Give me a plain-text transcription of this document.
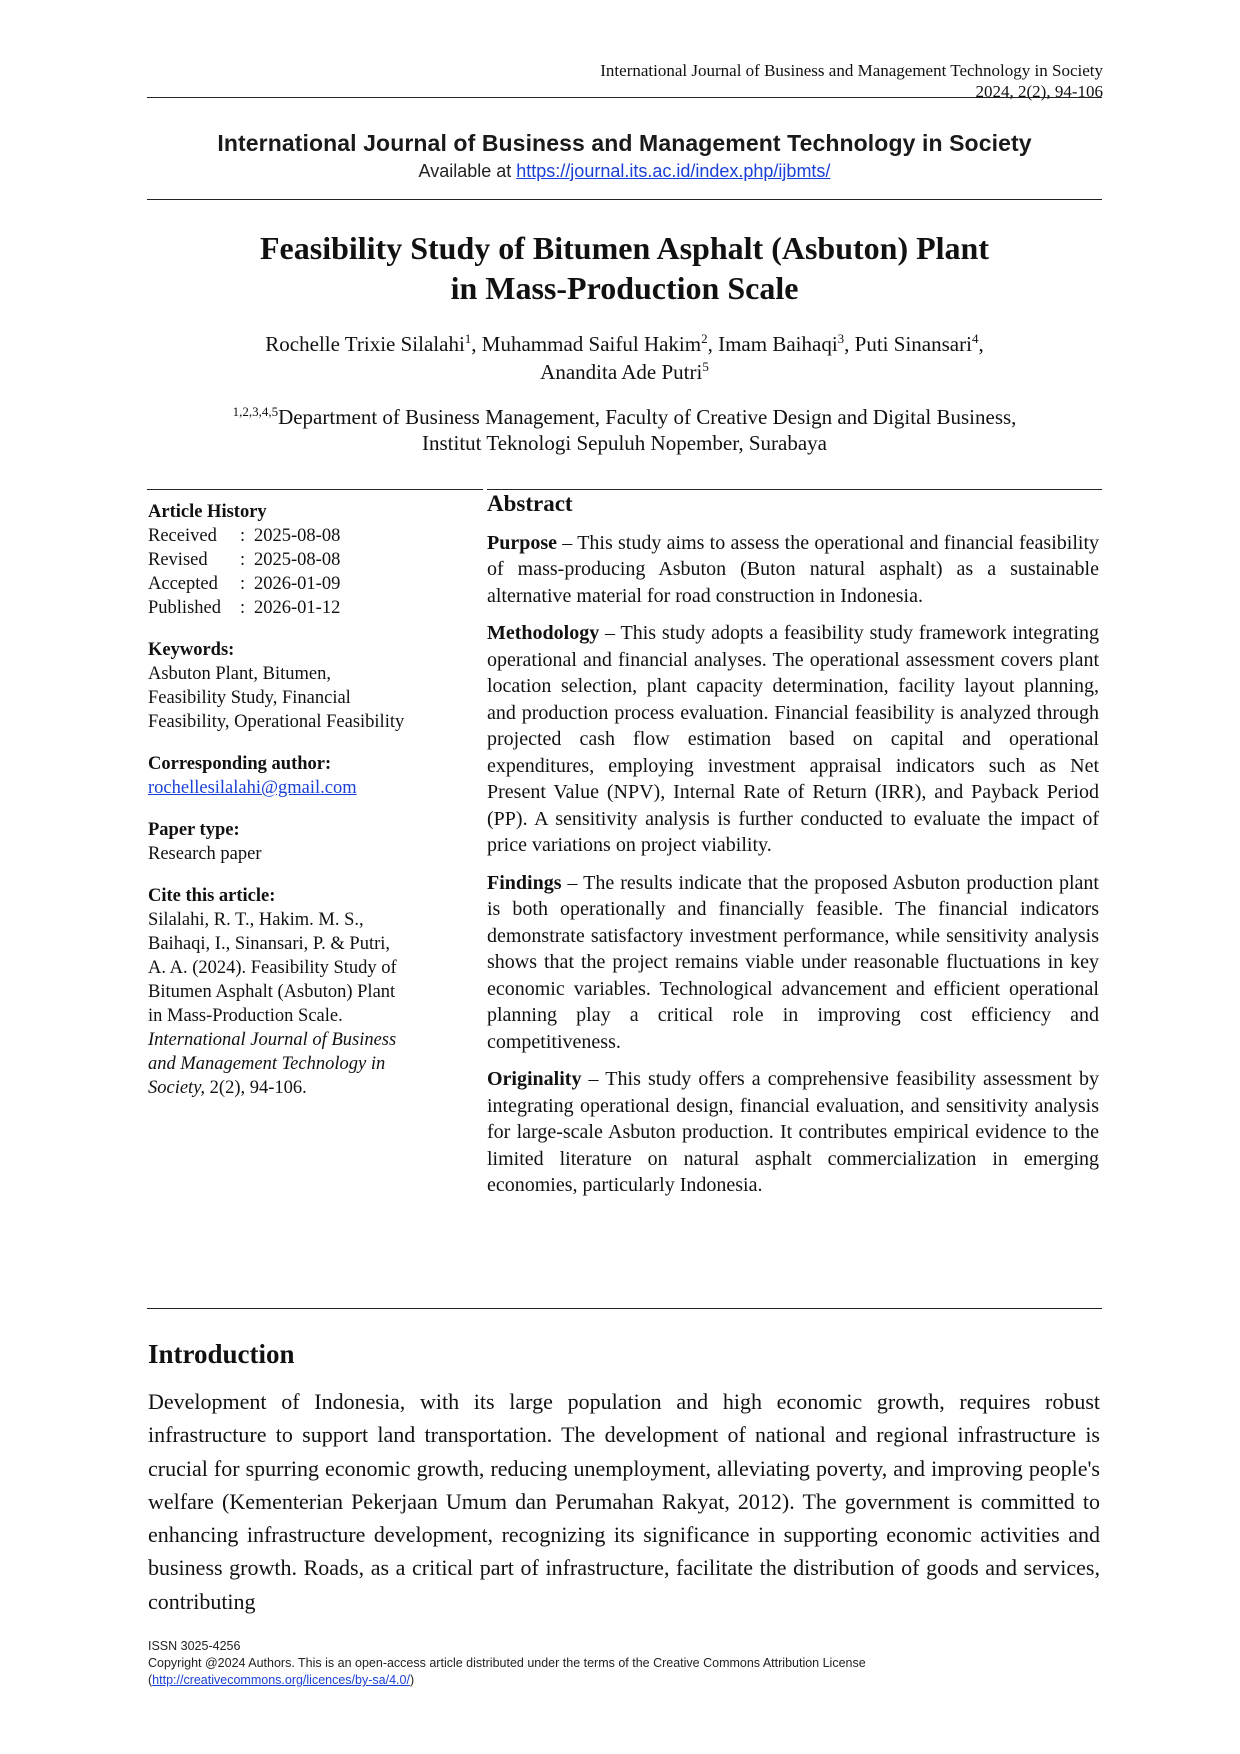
International Journal of Business and Management Technology in Society
2024, 2(2), 94-106
International Journal of Business and Management Technology in Society
Available at https://journal.its.ac.id/index.php/ijbmts/
Feasibility Study of Bitumen Asphalt (Asbuton) Plant
in Mass-Production Scale
Rochelle Trixie Silalahi$^1$, Muhammad Saiful Hakim$^2$, Imam Baihaqi$^3$, Puti Sinansari$^4$,
Anandita Ade Putri$^5$
$^{1,2,3,4,5}$Department of Business Management, Faculty of Creative Design and Digital Business,
Institut Teknologi Sepuluh Nopember, Surabaya
Article History
Received	: 2025-08-08
Revised	: 2025-08-08
Accepted	: 2026-01-09
Published	: 2026-01-12
Keywords:
Asbuton Plant, Bitumen,
Feasibility Study, Financial
Feasibility, Operational Feasibility
Corresponding author:
rochellesilalahi@gmail.com
Paper type:
Research paper
Cite this article:
Silalahi, R. T., Hakim. M. S.,
Baihaqi, I., Sinansari, P. & Putri,
A. A. (2024). Feasibility Study of
Bitumen Asphalt (Asbuton) Plant
in Mass-Production Scale.
International Journal of Business
and Management Technology in
Society, 2(2), 94-106.
Abstract

Purpose – This study aims to assess the operational and financial feasibility of mass-producing Asbuton (Buton natural asphalt) as a sustainable alternative material for road construction in Indonesia.

Methodology – This study adopts a feasibility study framework integrating operational and financial analyses. The operational assessment covers plant location selection, plant capacity determination, facility layout planning, and production process evaluation. Financial feasibility is analyzed through projected cash flow estimation based on capital and operational expenditures, employing investment appraisal indicators such as Net Present Value (NPV), Internal Rate of Return (IRR), and Payback Period (PP). A sensitivity analysis is further conducted to evaluate the impact of price variations on project viability.

Findings – The results indicate that the proposed Asbuton production plant is both operationally and financially feasible. The financial indicators demonstrate satisfactory investment performance, while sensitivity analysis shows that the project remains viable under reasonable fluctuations in key economic variables. Technological advancement and efficient operational planning play a critical role in improving cost efficiency and competitiveness.

Originality – This study offers a comprehensive feasibility assessment by integrating operational design, financial evaluation, and sensitivity analysis for large-scale Asbuton production. It contributes empirical evidence to the limited literature on natural asphalt commercialization in emerging economies, particularly Indonesia.

Introduction

Development of Indonesia, with its large population and high economic growth, requires robust infrastructure to support land transportation. The development of national and regional infrastructure is crucial for spurring economic growth, reducing unemployment, alleviating poverty, and improving people's welfare (Kementerian Pekerjaan Umum dan Perumahan Rakyat, 2012). The government is committed to enhancing infrastructure development, recognizing its significance in supporting economic activities and business growth. Roads, as a critical part of infrastructure, facilitate the distribution of goods and services, contributing

ISSN 3025-4256
Copyright @2024 Authors. This is an open-access article distributed under the terms of the Creative Commons Attribution License
(http://creativecommons.org/licences/by-sa/4.0/)
